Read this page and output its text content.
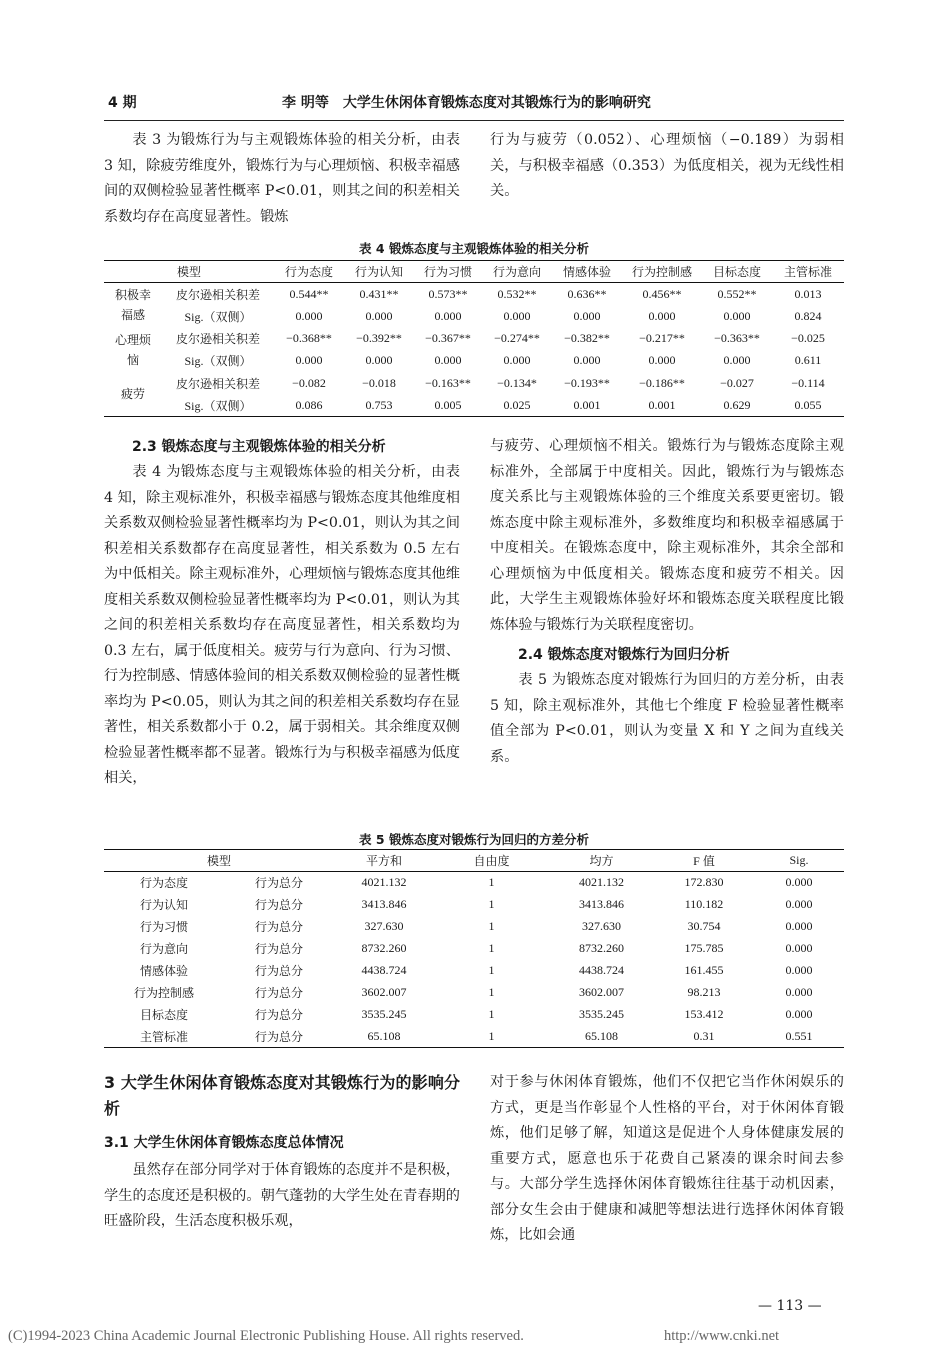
4 期	李 明等　大学生休闲体育锻炼态度对其锻炼行为的影响研究

表 3 为锻炼行为与主观锻炼体验的相关分析，由表 3 知，除疲劳维度外，锻炼行为与心理烦恼、积极幸福感间的双侧检验显著性概率 P<0.01，则其之间的积差相关系数均存在高度显著性。锻炼

行为与疲劳（0.052）、心理烦恼（−0.189）为弱相关，与积极幸福感（0.353）为低度相关，视为无线性相关。

表 4 锻炼态度与主观锻炼体验的相关分析
模型		行为态度	行为认知	行为习惯	行为意向	情感体验	行为控制感	目标态度	主管标准
积极幸福感	皮尔逊相关积差	0.544**	0.431**	0.573**	0.532**	0.636**	0.456**	0.552**	0.013
	Sig.（双侧）	0.000	0.000	0.000	0.000	0.000	0.000	0.000	0.824
心理烦恼	皮尔逊相关积差	−0.368**	−0.392**	−0.367**	−0.274**	−0.382**	−0.217**	−0.363**	−0.025
	Sig.（双侧）	0.000	0.000	0.000	0.000	0.000	0.000	0.000	0.611
疲劳	皮尔逊相关积差	−0.082	−0.018	−0.163**	−0.134*	−0.193**	−0.186**	−0.027	−0.114
	Sig.（双侧）	0.086	0.753	0.005	0.025	0.001	0.001	0.629	0.055

2.3 锻炼态度与主观锻炼体验的相关分析

表 4 为锻炼态度与主观锻炼体验的相关分析，由表 4 知，除主观标准外，积极幸福感与锻炼态度其他维度相关系数双侧检验显著性概率均为 P<0.01，则认为其之间积差相关系数都存在高度显著性，相关系数为 0.5 左右为中低相关。除主观标准外，心理烦恼与锻炼态度其他维度相关系数双侧检验显著性概率均为 P<0.01，则认为其之间的积差相关系数均存在高度显著性，相关系数均为 0.3 左右，属于低度相关。疲劳与行为意向、行为习惯、行为控制感、情感体验间的相关系数双侧检验的显著性概率均为 P<0.05，则认为其之间的积差相关系数均存在显著性，相关系数都小于 0.2，属于弱相关。其余维度双侧检验显著性概率都不显著。锻炼行为与积极幸福感为低度相关，

与疲劳、心理烦恼不相关。锻炼行为与锻炼态度除主观标准外，全部属于中度相关。因此，锻炼行为与锻炼态度关系比与主观锻炼体验的三个维度关系要更密切。锻炼态度中除主观标准外，多数维度均和积极幸福感属于中度相关。在锻炼态度中，除主观标准外，其余全部和心理烦恼为中低度相关。锻炼态度和疲劳不相关。因此，大学生主观锻炼体验好坏和锻炼态度关联程度比锻炼体验与锻炼行为关联程度密切。

2.4 锻炼态度对锻炼行为回归分析

表 5 为锻炼态度对锻炼行为回归的方差分析，由表 5 知，除主观标准外，其他七个维度 F 检验显著性概率值全部为 P<0.01，则认为变量 X 和 Y 之间为直线关系。

表 5 锻炼态度对锻炼行为回归的方差分析
模型		平方和	自由度	均方	F 值	Sig.
行为态度	行为总分	4021.132	1	4021.132	172.830	0.000
行为认知	行为总分	3413.846	1	3413.846	110.182	0.000
行为习惯	行为总分	327.630	1	327.630	30.754	0.000
行为意向	行为总分	8732.260	1	8732.260	175.785	0.000
情感体验	行为总分	4438.724	1	4438.724	161.455	0.000
行为控制感	行为总分	3602.007	1	3602.007	98.213	0.000
目标态度	行为总分	3535.245	1	3535.245	153.412	0.000
主管标准	行为总分	65.108	1	65.108	0.31	0.551

3 大学生休闲体育锻炼态度对其锻炼行为的影响分析

3.1 大学生休闲体育锻炼态度总体情况

虽然存在部分同学对于体育锻炼的态度并不是积极，学生的态度还是积极的。朝气蓬勃的大学生处在青春期的旺盛阶段，生活态度积极乐观，

对于参与休闲体育锻炼，他们不仅把它当作休闲娱乐的方式，更是当作彰显个人性格的平台，对于休闲体育锻炼，他们足够了解，知道这是促进个人身体健康发展的重要方式，愿意也乐于花费自己紧凑的课余时间去参与。大部分学生选择休闲体育锻炼往往基于动机因素，部分女生会由于健康和减肥等想法进行选择休闲体育锻炼，比如会通

— 113 —
(C)1994-2023 China Academic Journal Electronic Publishing House. All rights reserved.	http://www.cnki.net
